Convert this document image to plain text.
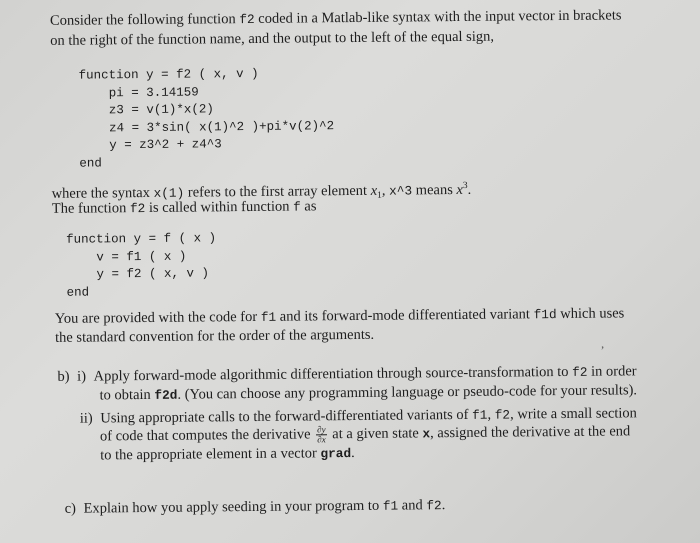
Consider the following function f2 coded in a Matlab-like syntax with the input vector in brackets

on the right of the function name, and the output to the left of the equal sign,

function y = f2 ( x, v )
pi = 3.14159
z3 = v(1)*x(2)
z4 = 3*sin( x(1)^2 )+pi*v(2)^2
y = z3^2 + z4^3
end

where the syntax x(1) refers to the first array element $x_1$, x^3 means $x^3$.

The function f2 is called within function f as

function y = f ( x )
v = f1 ( x )
y = f2 ( x, v )
end

You are provided with the code for f1 and its forward-mode differentiated variant f1d which uses

the standard convention for the order of the arguments.	,
b) i) Apply forward-mode algorithmic differentiation through source-transformation to f2 in order
to obtain f2d. (You can choose any programming language or pseudo-code for your results).
ii) Using appropriate calls to the forward-differentiated variants of f1, f2, write a small section
of code that computes the derivative $\frac{\partial y}{\partial x}$ at a given state x, assigned the derivative at the end
to the appropriate element in a vector grad.
c) Explain how you apply seeding in your program to f1 and f2.
